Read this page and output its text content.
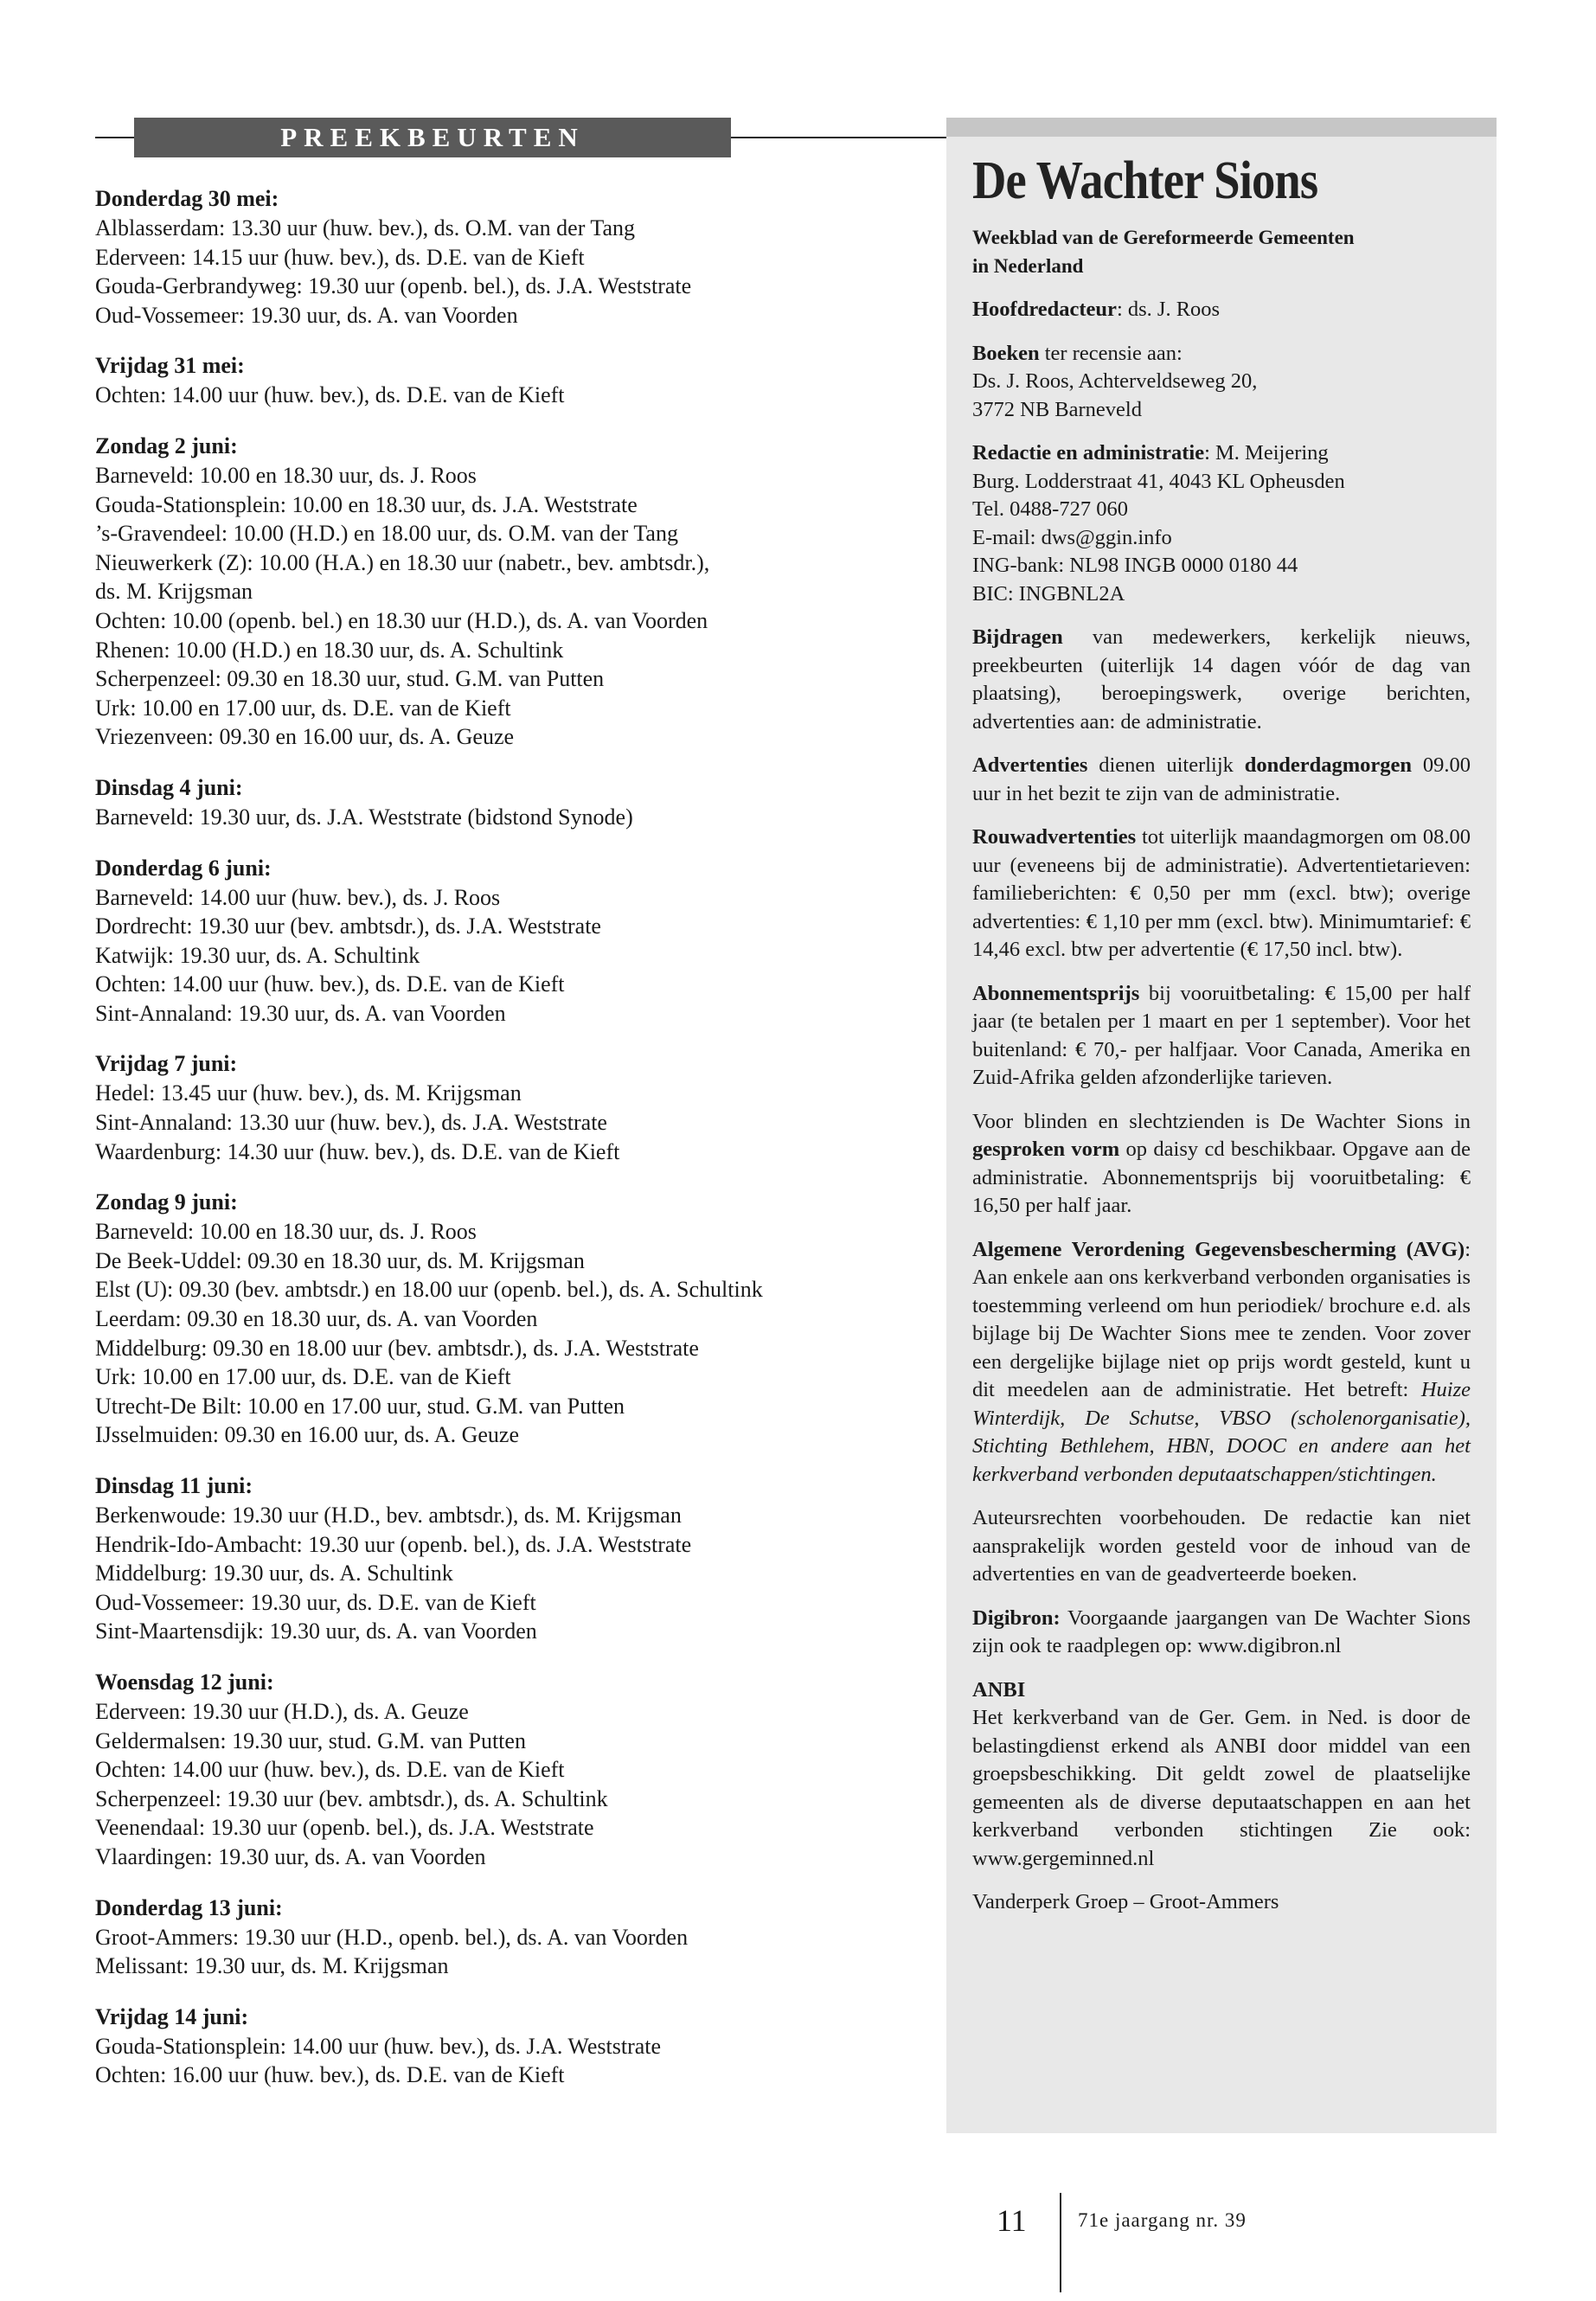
PREEKBEURTEN
Donderdag 30 mei:
Alblasserdam: 13.30 uur (huw. bev.), ds. O.M. van der Tang
Ederveen: 14.15 uur (huw. bev.), ds. D.E. van de Kieft
Gouda-Gerbrandyweg: 19.30 uur (openb. bel.), ds. J.A. Weststrate
Oud-Vossemeer: 19.30 uur, ds. A. van Voorden
Vrijdag 31 mei:
Ochten: 14.00 uur (huw. bev.), ds. D.E. van de Kieft
Zondag 2 juni:
Barneveld: 10.00 en 18.30 uur, ds. J. Roos
Gouda-Stationsplein: 10.00 en 18.30 uur, ds. J.A. Weststrate
’s-Gravendeel: 10.00 (H.D.) en 18.00 uur, ds. O.M. van der Tang
Nieuwerkerk (Z): 10.00 (H.A.) en 18.30 uur (nabetr., bev. ambtsdr.),
ds. M. Krijgsman
Ochten: 10.00 (openb. bel.) en 18.30 uur (H.D.), ds. A. van Voorden
Rhenen: 10.00 (H.D.) en 18.30 uur, ds. A. Schultink
Scherpenzeel: 09.30 en 18.30 uur, stud. G.M. van Putten
Urk: 10.00 en 17.00 uur, ds. D.E. van de Kieft
Vriezenveen: 09.30 en 16.00 uur, ds. A. Geuze
Dinsdag 4 juni:
Barneveld: 19.30 uur, ds. J.A. Weststrate (bidstond Synode)
Donderdag 6 juni:
Barneveld: 14.00 uur (huw. bev.), ds. J. Roos
Dordrecht: 19.30 uur (bev. ambtsdr.), ds. J.A. Weststrate
Katwijk: 19.30 uur, ds. A. Schultink
Ochten: 14.00 uur (huw. bev.), ds. D.E. van de Kieft
Sint-Annaland: 19.30 uur, ds. A. van Voorden
Vrijdag 7 juni:
Hedel: 13.45 uur (huw. bev.), ds. M. Krijgsman
Sint-Annaland: 13.30 uur (huw. bev.), ds. J.A. Weststrate
Waardenburg: 14.30 uur (huw. bev.), ds. D.E. van de Kieft
Zondag 9 juni:
Barneveld: 10.00 en 18.30 uur, ds. J. Roos
De Beek-Uddel: 09.30 en 18.30 uur, ds. M. Krijgsman
Elst (U): 09.30 (bev. ambtsdr.) en 18.00 uur (openb. bel.), ds. A. Schultink
Leerdam: 09.30 en 18.30 uur, ds. A. van Voorden
Middelburg: 09.30 en 18.00 uur (bev. ambtsdr.), ds. J.A. Weststrate
Urk: 10.00 en 17.00 uur, ds. D.E. van de Kieft
Utrecht-De Bilt: 10.00 en 17.00 uur, stud. G.M. van Putten
IJsselmuiden: 09.30 en 16.00 uur, ds. A. Geuze
Dinsdag 11 juni:
Berkenwoude: 19.30 uur (H.D., bev. ambtsdr.), ds. M. Krijgsman
Hendrik-Ido-Ambacht: 19.30 uur (openb. bel.), ds. J.A. Weststrate
Middelburg: 19.30 uur, ds. A. Schultink
Oud-Vossemeer: 19.30 uur, ds. D.E. van de Kieft
Sint-Maartensdijk: 19.30 uur, ds. A. van Voorden
Woensdag 12 juni:
Ederveen: 19.30 uur (H.D.), ds. A. Geuze
Geldermalsen: 19.30 uur, stud. G.M. van Putten
Ochten: 14.00 uur (huw. bev.), ds. D.E. van de Kieft
Scherpenzeel: 19.30 uur (bev. ambtsdr.), ds. A. Schultink
Veenendaal: 19.30 uur (openb. bel.), ds. J.A. Weststrate
Vlaardingen: 19.30 uur, ds. A. van Voorden
Donderdag 13 juni:
Groot-Ammers: 19.30 uur (H.D., openb. bel.), ds. A. van Voorden
Melissant: 19.30 uur, ds. M. Krijgsman
Vrijdag 14 juni:
Gouda-Stationsplein: 14.00 uur (huw. bev.), ds. J.A. Weststrate
Ochten: 16.00 uur (huw. bev.), ds. D.E. van de Kieft
De Wachter Sions
Weekblad van de Gereformeerde Gemeenten
in Nederland
Hoofdredacteur: ds. J. Roos
Boeken ter recensie aan:
Ds. J. Roos, Achterveldseweg 20,
3772 NB Barneveld
Redactie en administratie: M. Meijering
Burg. Lodderstraat 41, 4043 KL Opheusden
Tel. 0488-727 060
E-mail: dws@ggin.info
ING-bank: NL98 INGB 0000 0180 44
BIC: INGBNL2A
Bijdragen van medewerkers, kerkelijk nieuws, preekbeurten (uiterlijk 14 dagen vóór de dag van plaatsing), beroepingswerk, overige berichten, advertenties aan: de administratie.
Advertenties dienen uiterlijk donderdagmorgen 09.00 uur in het bezit te zijn van de administratie.
Rouwadvertenties tot uiterlijk maandagmorgen om 08.00 uur (eveneens bij de administratie). Advertentietarieven: familieberichten: € 0,50 per mm (excl. btw); overige advertenties: € 1,10 per mm (excl. btw). Minimumtarief: € 14,46 excl. btw per advertentie (€ 17,50 incl. btw).
Abonnementsprijs bij vooruitbetaling: € 15,00 per half jaar (te betalen per 1 maart en per 1 september). Voor het buitenland: € 70,- per halfjaar. Voor Canada, Amerika en Zuid-Afrika gelden afzonderlijke tarieven.
Voor blinden en slechtzienden is De Wachter Sions in gesproken vorm op daisy cd beschikbaar. Opgave aan de administratie. Abonnementsprijs bij vooruitbetaling: € 16,50 per half jaar.
Algemene Verordening Gegevensbescherming (AVG): Aan enkele aan ons kerkverband verbonden organisaties is toestemming verleend om hun periodiek/ brochure e.d. als bijlage bij De Wachter Sions mee te zenden. Voor zover een dergelijke bijlage niet op prijs wordt gesteld, kunt u dit meedelen aan de administratie. Het betreft: Huize Winterdijk, De Schutse, VBSO (scholenorganisatie), Stichting Bethlehem, HBN, DOOC en andere aan het kerkverband verbonden deputaatschappen/stichtingen.
Auteursrechten voorbehouden. De redactie kan niet aansprakelijk worden gesteld voor de inhoud van de advertenties en van de geadverteerde boeken.
Digibron: Voorgaande jaargangen van De Wachter Sions zijn ook te raadplegen op: www.digibron.nl
ANBI
Het kerkverband van de Ger. Gem. in Ned. is door de belastingdienst erkend als ANBI door middel van een groepsbeschikking. Dit geldt zowel de plaatselijke gemeenten als de diverse deputaatschappen en aan het kerkverband verbonden stichtingen Zie ook: www.gergeminned.nl
Vanderperk Groep – Groot-Ammers
11	71e jaargang nr. 39
